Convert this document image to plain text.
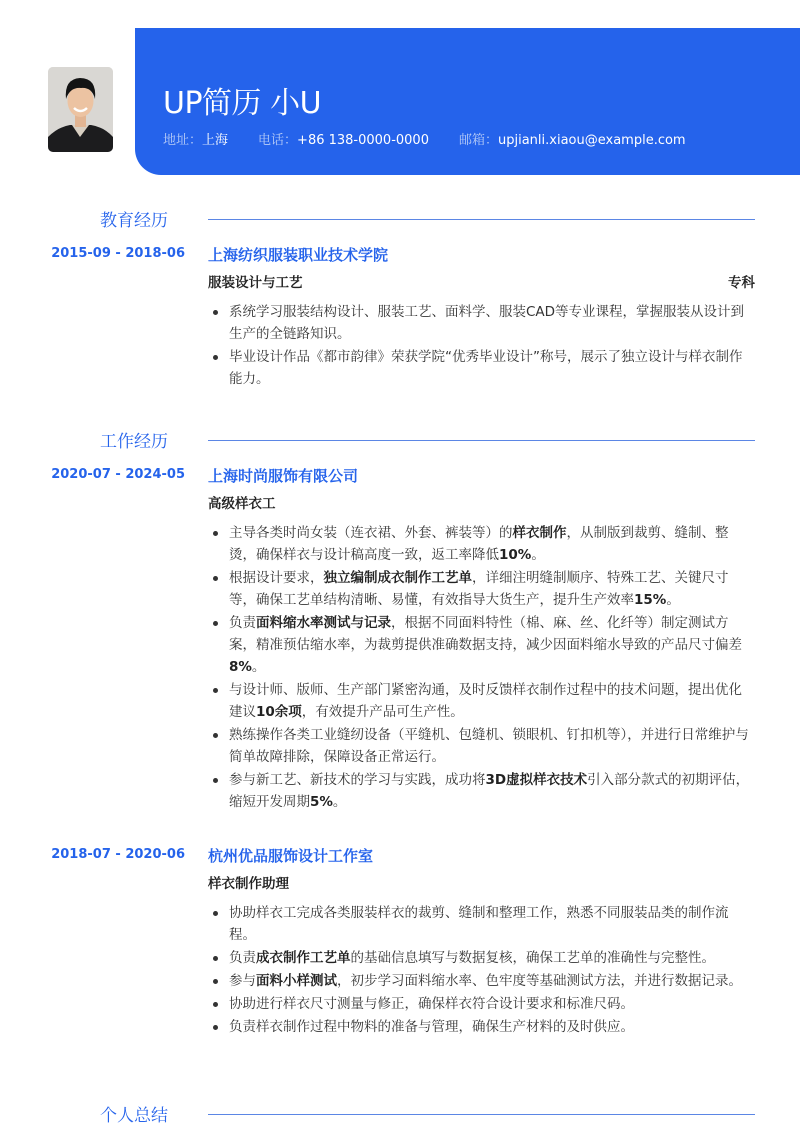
UP简历 小U
地址：上海 电话：+86 138-0000-0000 邮箱：upjianli.xiaou@example.com
教育经历
2015-09 - 2018-06 上海纺织服装职业技术学院
服装设计与工艺	专科
系统学习服装结构设计、服装工艺、面料学、服装CAD等专业课程，掌握服装从设计到生产的全链路知识。
毕业设计作品《都市韵律》荣获学院“优秀毕业设计”称号，展示了独立设计与样衣制作能力。
工作经历
2020-07 - 2024-05 上海时尚服饰有限公司
高级样衣工
主导各类时尚女装（连衣裙、外套、裤装等）的样衣制作，从制版到裁剪、缝制、整烫，确保样衣与设计稿高度一致，返工率降低10%。
根据设计要求，独立编制成衣制作工艺单，详细注明缝制顺序、特殊工艺、关键尺寸等，确保工艺单结构清晰、易懂，有效指导大货生产，提升生产效率15%。
负责面料缩水率测试与记录，根据不同面料特性（棉、麻、丝、化纤等）制定测试方案，精准预估缩水率，为裁剪提供准确数据支持，减少因面料缩水导致的产品尺寸偏差8%。
与设计师、版师、生产部门紧密沟通，及时反馈样衣制作过程中的技术问题，提出优化建议10余项，有效提升产品可生产性。
熟练操作各类工业缝纫设备（平缝机、包缝机、锁眼机、钉扣机等），并进行日常维护与简单故障排除，保障设备正常运行。
参与新工艺、新技术的学习与实践，成功将3D虚拟样衣技术引入部分款式的初期评估，缩短开发周期5%。
2018-07 - 2020-06 杭州优品服饰设计工作室
样衣制作助理
协助样衣工完成各类服装样衣的裁剪、缝制和整理工作，熟悉不同服装品类的制作流程。
负责成衣制作工艺单的基础信息填写与数据复核，确保工艺单的准确性与完整性。
参与面料小样测试，初步学习面料缩水率、色牢度等基础测试方法，并进行数据记录。
协助进行样衣尺寸测量与修正，确保样衣符合设计要求和标准尺码。
负责样衣制作过程中物料的准备与管理，确保生产材料的及时供应。
个人总结
